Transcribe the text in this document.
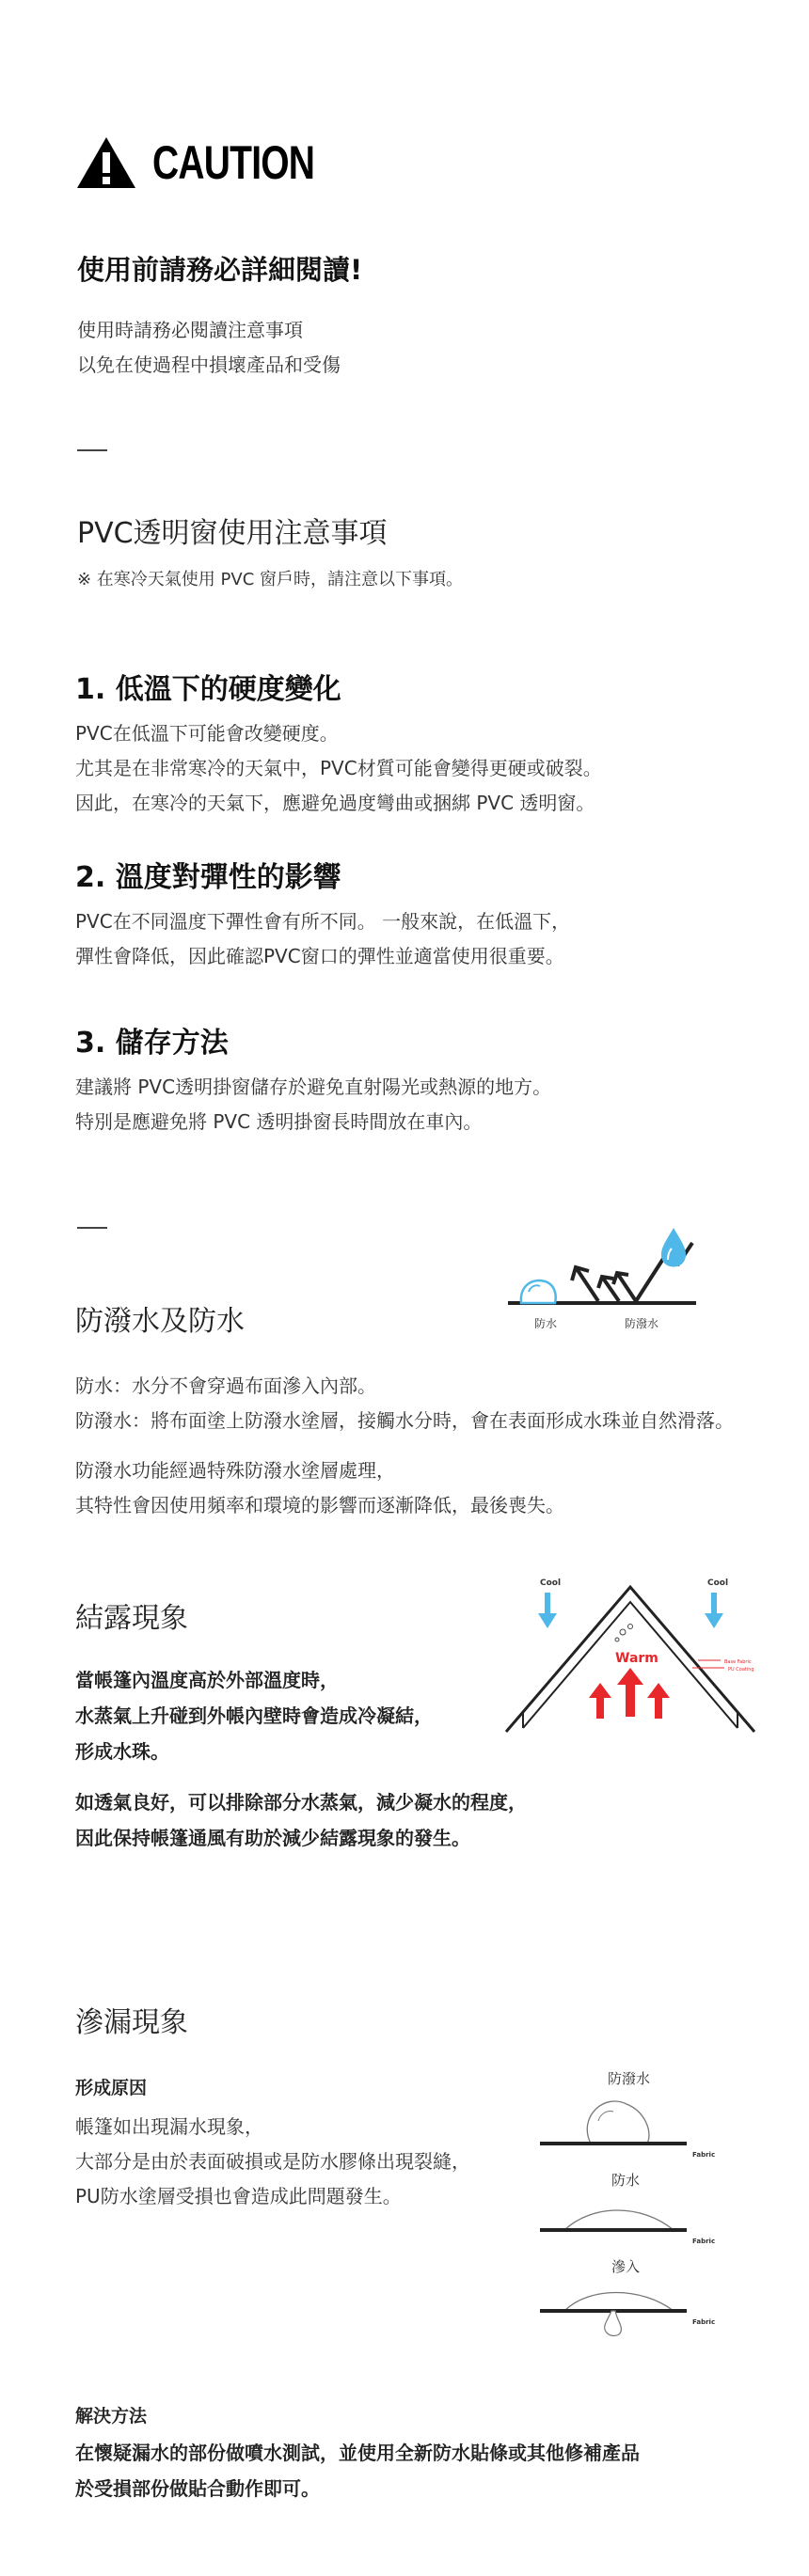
CAUTION
使用前請務必詳細閱讀!
使用時請務必閱讀注意事項
以免在使過程中損壞產品和受傷
PVC透明窗使用注意事項
※ 在寒冷天氣使用 PVC 窗戶時，請注意以下事項。
1. 低溫下的硬度變化
PVC在低溫下可能會改變硬度。
尤其是在非常寒冷的天氣中，PVC材質可能會變得更硬或破裂。
因此，在寒冷的天氣下，應避免過度彎曲或捆綁 PVC 透明窗。
2. 溫度對彈性的影響
PVC在不同溫度下彈性會有所不同。 一般來說，在低溫下，
彈性會降低，因此確認PVC窗口的彈性並適當使用很重要。
3. 儲存方法
建議將 PVC透明掛窗儲存於避免直射陽光或熱源的地方。
特別是應避免將 PVC 透明掛窗長時間放在車內。
防潑水及防水	防水	防潑水
防水：水分不會穿過布面滲入內部。
防潑水：將布面塗上防潑水塗層，接觸水分時，會在表面形成水珠並自然滑落。
防潑水功能經過特殊防潑水塗層處理，
其特性會因使用頻率和環境的影響而逐漸降低，最後喪失。
結露現象
Cool	Cool
Warm	Base Fabric
PU Coating
當帳篷內溫度高於外部溫度時，
水蒸氣上升碰到外帳內壁時會造成冷凝結，
形成水珠。
如透氣良好，可以排除部分水蒸氣，減少凝水的程度，
因此保持帳篷通風有助於減少結露現象的發生。
滲漏現象
形成原因
帳篷如出現漏水現象，
大部分是由於表面破損或是防水膠條出現裂縫，
PU防水塗層受損也會造成此問題發生。
防潑水
Fabric
防水
Fabric
滲入
Fabric
解決方法
在懷疑漏水的部份做噴水測試，並使用全新防水貼條或其他修補產品
於受損部份做貼合動作即可。
